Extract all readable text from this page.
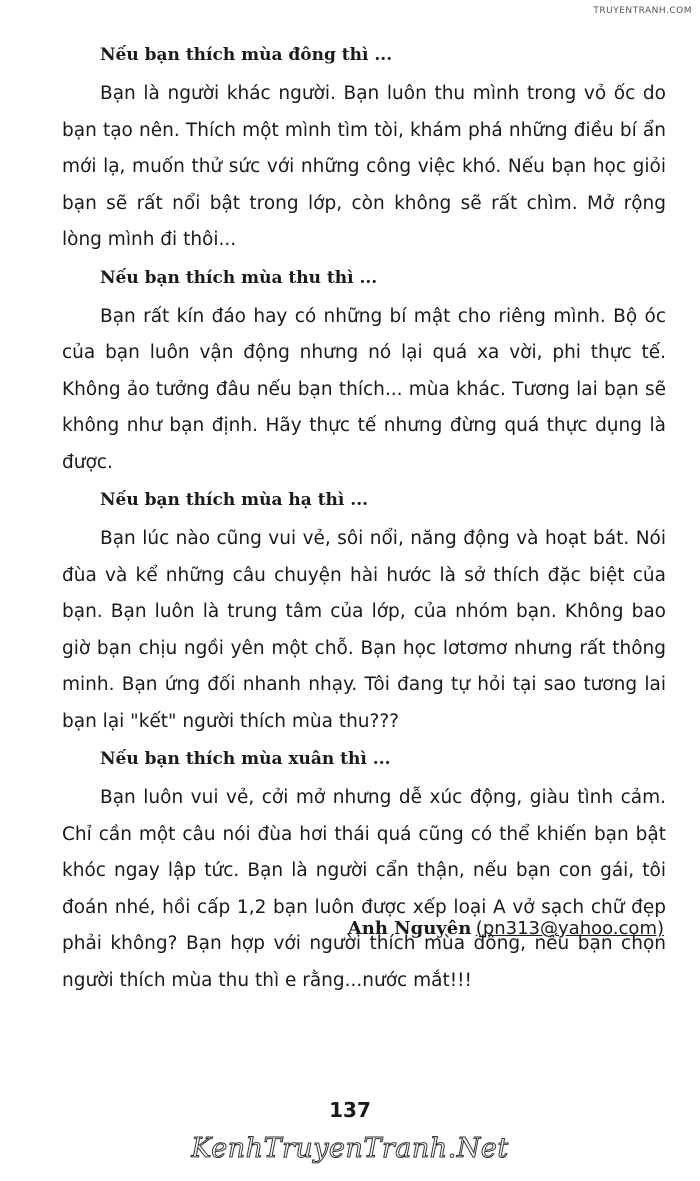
TRUYENTRANH.COM
Nếu bạn thích mùa đông thì ...

Bạn là người khác người. Bạn luôn thu mình trong vỏ ốc do bạn tạo nên. Thích một mình tìm tòi, khám phá những điều bí ẩn mới lạ, muốn thử sức với những công việc khó. Nếu bạn học giỏi bạn sẽ rất nổi bật trong lớp, còn không sẽ rất chìm. Mở rộng lòng mình đi thôi...

Nếu bạn thích mùa thu thì ...

Bạn rất kín đáo hay có những bí mật cho riêng mình. Bộ óc của bạn luôn vận động nhưng nó lại quá xa vời, phi thực tế. Không ảo tưởng đâu nếu bạn thích... mùa khác. Tương lai bạn sẽ không như bạn định. Hãy thực tế nhưng đừng quá thực dụng là được.

Nếu bạn thích mùa hạ thì ...

Bạn lúc nào cũng vui vẻ, sôi nổi, năng động và hoạt bát. Nói đùa và kể những câu chuyện hài hước là sở thích đặc biệt của bạn. Bạn luôn là trung tâm của lớp, của nhóm bạn. Không bao giờ bạn chịu ngồi yên một chỗ. Bạn học lơtơmơ nhưng rất thông minh. Bạn ứng đối nhanh nhạy. Tôi đang tự hỏi tại sao tương lai bạn lại "kết" người thích mùa thu???

Nếu bạn thích mùa xuân thì ...

Bạn luôn vui vẻ, cởi mở nhưng dễ xúc động, giàu tình cảm. Chỉ cần một câu nói đùa hơi thái quá cũng có thể khiến bạn bật khóc ngay lập tức. Bạn là người cẩn thận, nếu bạn con gái, tôi đoán nhé, hồi cấp 1,2 bạn luôn được xếp loại A vở sạch chữ đẹp phải không? Bạn hợp với người thích mùa đông, nếu bạn chọn người thích mùa thu thì e rằng...nước mắt!!!

Anh Nguyên (pn313@yahoo.com)
137
KenhTruyenTranh.Net
